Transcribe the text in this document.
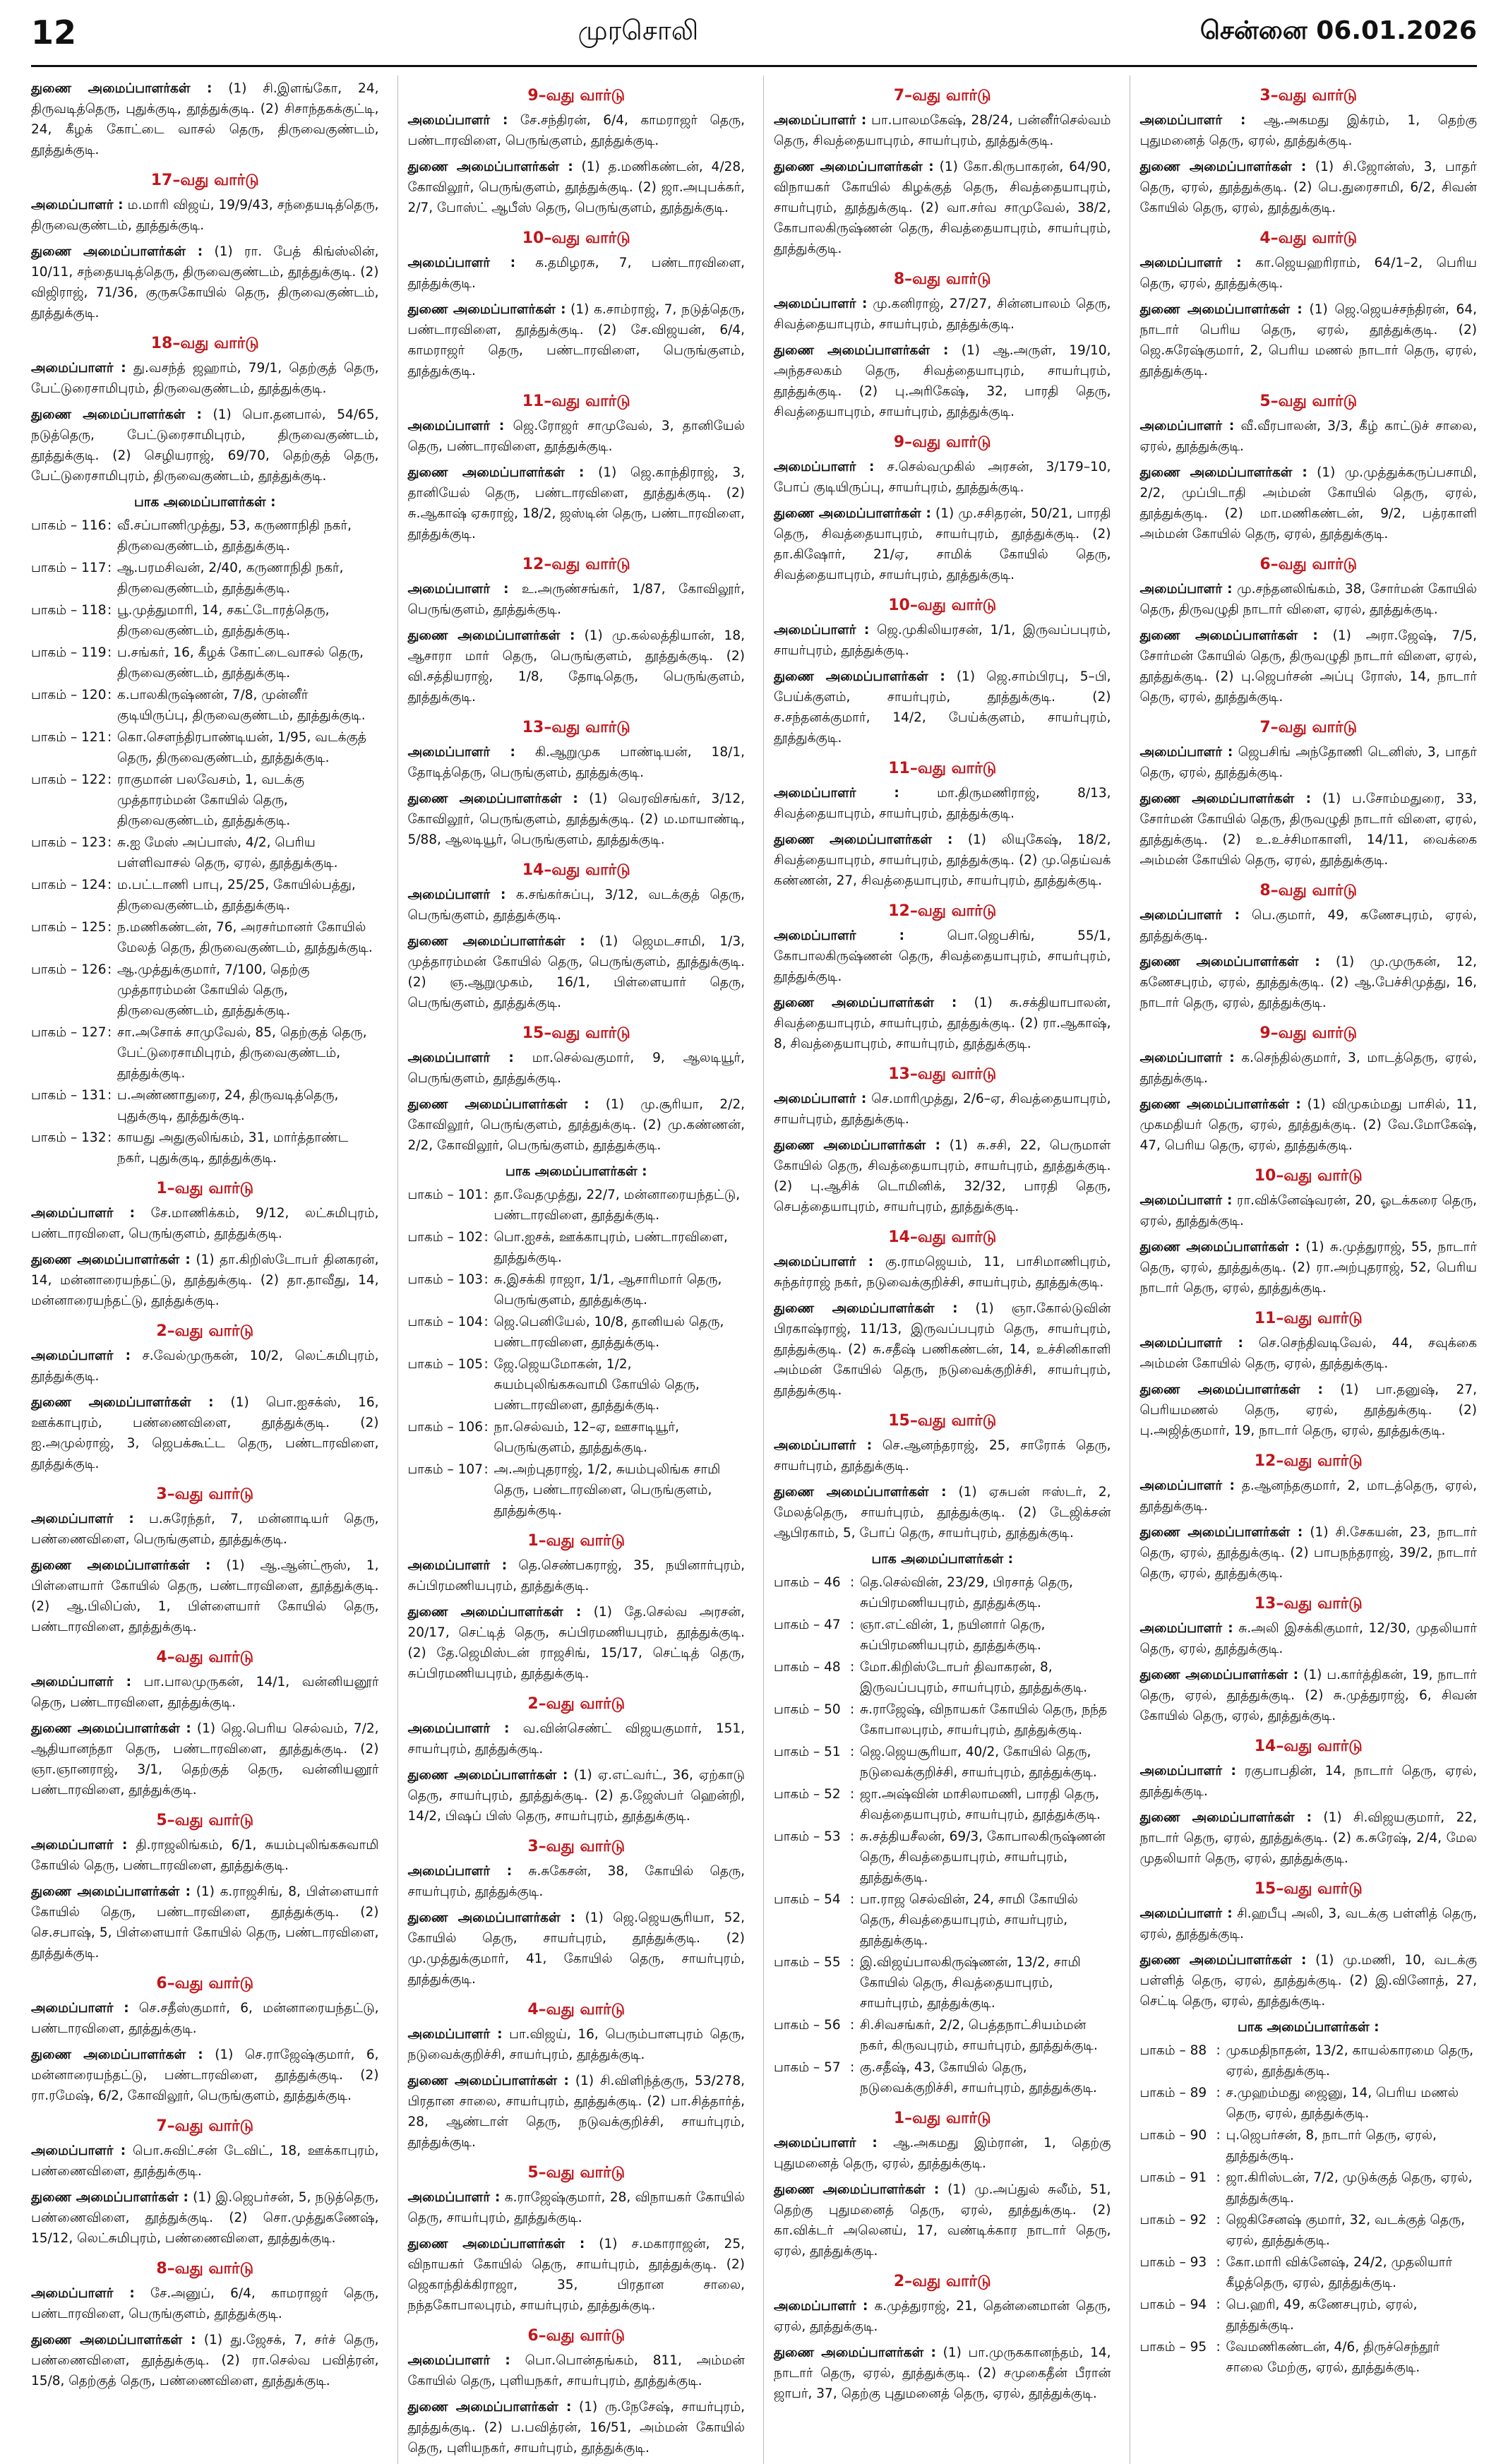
12	முரசொலி	சென்னை 06.01.2026
துணை அமைப்பாளர்கள் : (1) சி.இளங்கோ, 24, திருவடித்தெரு, புதுக்குடி, தூத்துக்குடி. (2) சிசாந்தகக்குட்டி, 24, கீழக் கோட்டை வாசல் தெரு, திருவைகுண்டம், தூத்துக்குடி.
17–வது வார்டு
அமைப்பாளர் : ம.மாரி விஜய், 19/9/43, சந்தையடித்தெரு, திருவைகுண்டம், தூத்துக்குடி.
துணை அமைப்பாளர்கள் : (1) ரா. பேத் கிங்ஸ்லின், 10/11, சந்தையடித்தெரு, திருவைகுண்டம், தூத்துக்குடி. (2) விஜிராஜ், 71/36, குருசுகோயில் தெரு, திருவைகுண்டம், தூத்துக்குடி.
18–வது வார்டு
அமைப்பாளர் : து.வசந்த் ஜஹாம், 79/1, தெற்குத் தெரு, பேட்டுரைசாமிபுரம், திருவைகுண்டம், தூத்துக்குடி.
துணை அமைப்பாளர்கள் : (1) பொ.தனபால், 54/65, நடுத்தெரு, பேட்டுரைசாமிபுரம், திருவைகுண்டம், தூத்துக்குடி. (2) செழியராஜ், 69/70, தெற்குத் தெரு, பேட்டுரைசாமிபுரம், திருவைகுண்டம், தூத்துக்குடி.
பாக அமைப்பாளர்கள் :
பாகம் – 116 : வீ.சப்பாணிமுத்து, 53, கருணாநிதி நகர், திருவைகுண்டம், தூத்துக்குடி.
பாகம் – 117 : ஆ.பரமசிவன், 2/40, கருணாநிதி நகர், திருவைகுண்டம், தூத்துக்குடி.
பாகம் – 118 : பூ.முத்துமாரி, 14, சகட்டோரத்தெரு, திருவைகுண்டம், தூத்துக்குடி.
பாகம் – 119 : ப.சங்கர், 16, கீழக் கோட்டைவாசல் தெரு, திருவைகுண்டம், தூத்துக்குடி.
பாகம் – 120 : க.பாலகிருஷ்ணன், 7/8, முன்னீர் குடியிருப்பு, திருவைகுண்டம், தூத்துக்குடி.
பாகம் – 121 : கொ.செளந்திரபாண்டியன், 1/95, வடக்குத் தெரு, திருவைகுண்டம், தூத்துக்குடி.
பாகம் – 122 : ராகுமான் பலவேசம், 1, வடக்கு முத்தாரம்மன் கோயில் தெரு, திருவைகுண்டம், தூத்துக்குடி.
பாகம் – 123 : சு.ஐ மேஸ் அப்பாஸ், 4/2, பெரிய பள்ளிவாசல் தெரு, ஏரல், தூத்துக்குடி.
பாகம் – 124 : ம.பட்டாணி பாபு, 25/25, கோயில்பத்து, திருவைகுண்டம், தூத்துக்குடி.
பாகம் – 125 : ந.மணிகண்டன், 76, அரசர்மானர் கோயில் மேலத் தெரு, திருவைகுண்டம், தூத்துக்குடி.
பாகம் – 126 : ஆ.முத்துக்குமார், 7/100, தெற்கு முத்தாரம்மன் கோயில் தெரு, திருவைகுண்டம், தூத்துக்குடி.
பாகம் – 127 : சா.அசோக் சாமுவேல், 85, தெற்குத் தெரு, பேட்டுரைசாமிபுரம், திருவைகுண்டம், தூத்துக்குடி.
பாகம் – 131 : ப.அண்ணாதுரை, 24, திருவடித்தெரு, புதுக்குடி, தூத்துக்குடி.
பாகம் – 132 : காயது அதுகுலிங்கம், 31, மார்த்தாண்ட நகர், புதுக்குடி, தூத்துக்குடி.
1–வது வார்டு
அமைப்பாளர் : சே.மாணிக்கம், 9/12, லட்சுமிபுரம், பண்டாரவிளை, பெருங்குளம், தூத்துக்குடி.
துணை அமைப்பாளர்கள் : (1) தா.கிறிஸ்டோபர் தினகரன், 14, மன்னாரையந்தட்டு, தூத்துக்குடி. (2) தா.தாவீது, 14, மன்னாரையந்தட்டு, தூத்துக்குடி.
2–வது வார்டு
அமைப்பாளர் : ச.வேல்முருகன், 10/2, லெட்சுமிபுரம், தூத்துக்குடி.
துணை அமைப்பாளர்கள் : (1) பொ.ஐசக்ஸ், 16, ஊக்காபுரம், பண்ணைவிளை, தூத்துக்குடி. (2) ஐ.அமுல்ராஜ், 3, ஜெபக்கூட்ட தெரு, பண்டாரவிளை, தூத்துக்குடி.
3–வது வார்டு
அமைப்பாளர் : ப.சுரேந்தர், 7, மன்னாடியர் தெரு, பண்ணைவிளை, பெருங்குளம், தூத்துக்குடி.
துணை அமைப்பாளர்கள் : (1) ஆ.ஆன்ட்ரூஸ், 1, பிள்ளையார் கோயில் தெரு, பண்டாரவிளை, தூத்துக்குடி. (2) ஆ.பிலிப்ஸ், 1, பிள்ளையார் கோயில் தெரு, பண்டாரவிளை, தூத்துக்குடி.
4–வது வார்டு
அமைப்பாளர் : பா.பாலமுருகன், 14/1, வன்னியனூர் தெரு, பண்டாரவிளை, தூத்துக்குடி.
துணை அமைப்பாளர்கள் : (1) ஜெ.பெரிய செல்வம், 7/2, ஆதியானந்தா தெரு, பண்டாரவிளை, தூத்துக்குடி. (2) ஞா.ஞானராஜ், 3/1, தெற்குத் தெரு, வன்னியனூர் பண்டாரவிளை, தூத்துக்குடி.
5–வது வார்டு
அமைப்பாளர் : தி.ராஜலிங்கம், 6/1, சுயம்புலிங்கசுவாமி கோயில் தெரு, பண்டாரவிளை, தூத்துக்குடி.
துணை அமைப்பாளர்கள் : (1) க.ராஜசிங், 8, பிள்ளையார் கோயில் தெரு, பண்டாரவிளை, தூத்துக்குடி. (2) செ.சபாஷ், 5, பிள்ளையார் கோயில் தெரு, பண்டாரவிளை, தூத்துக்குடி.
6–வது வார்டு
அமைப்பாளர் : செ.சதீஸ்குமார், 6, மன்னாரையந்தட்டு, பண்டாரவிளை, தூத்துக்குடி.
துணை அமைப்பாளர்கள் : (1) செ.ராஜேஷ்குமார், 6, மன்னாரையந்தட்டு, பண்டாரவிளை, தூத்துக்குடி. (2) ரா.ரமேஷ், 6/2, கோவிலூர், பெருங்குளம், தூத்துக்குடி.
7–வது வார்டு
அமைப்பாளர் : பொ.சுவிட்சன் டேவிட், 18, ஊக்காபுரம், பண்ணைவிளை, தூத்துக்குடி.
துணை அமைப்பாளர்கள் : (1) இ.ஜெபர்சன், 5, நடுத்தெரு, பண்ணைவிளை, தூத்துக்குடி. (2) சொ.முத்துகணேஷ், 15/12, லெட்சுமிபுரம், பண்ணைவிளை, தூத்துக்குடி.
8–வது வார்டு
அமைப்பாளர் : சே.அனுப், 6/4, காமராஜர் தெரு, பண்டாரவிளை, பெருங்குளம், தூத்துக்குடி.
துணை அமைப்பாளர்கள் : (1) து.ஜேசக், 7, சர்ச் தெரு, பண்ணைவிளை, தூத்துக்குடி. (2) ரா.செல்வ பவித்ரன், 15/8, தெற்குத் தெரு, பண்ணைவிளை, தூத்துக்குடி.
9–வது வார்டு
அமைப்பாளர் : சே.சந்திரன், 6/4, காமராஜர் தெரு, பண்டாரவிளை, பெருங்குளம், தூத்துக்குடி.
துணை அமைப்பாளர்கள் : (1) த.மணிகண்டன், 4/28, கோவிலூர், பெருங்குளம், தூத்துக்குடி. (2) ஜா.அபுபக்கர், 2/7, போஸ்ட் ஆபீஸ் தெரு, பெருங்குளம், தூத்துக்குடி.
10–வது வார்டு
அமைப்பாளர் : க.தமிழரசு, 7, பண்டாரவிளை, தூத்துக்குடி.
துணை அமைப்பாளர்கள் : (1) க.சாம்ராஜ், 7, நடுத்தெரு, பண்டாரவிளை, தூத்துக்குடி. (2) சே.விஜயன், 6/4, காமராஜர் தெரு, பண்டாரவிளை, பெருங்குளம், தூத்துக்குடி.
11–வது வார்டு
அமைப்பாளர் : ஜெ.ரோஜர் சாமுவேல், 3, தானியேல் தெரு, பண்டாரவிளை, தூத்துக்குடி.
துணை அமைப்பாளர்கள் : (1) ஜெ.காந்திராஜ், 3, தானியேல் தெரு, பண்டாரவிளை, தூத்துக்குடி. (2) சு.ஆகாஷ் ஏசுராஜ், 18/2, ஜஸ்டின் தெரு, பண்டாரவிளை, தூத்துக்குடி.
12–வது வார்டு
அமைப்பாளர் : உ.அருண்சங்கர், 1/87, கோவிலூர், பெருங்குளம், தூத்துக்குடி.
துணை அமைப்பாளர்கள் : (1) மு.கல்லத்தியான், 18, ஆசாரா மார் தெரு, பெருங்குளம், தூத்துக்குடி. (2) வி.சத்தியராஜ், 1/8, தோடிதெரு, பெருங்குளம், தூத்துக்குடி.
13–வது வார்டு
அமைப்பாளர் : கி.ஆறுமுக பாண்டியன், 18/1, தோடித்தெரு, பெருங்குளம், தூத்துக்குடி.
துணை அமைப்பாளர்கள் : (1) வெரவிசங்கர், 3/12, கோவிலூர், பெருங்குளம், தூத்துக்குடி. (2) ம.மாயாண்டி, 5/88, ஆலடியூர், பெருங்குளம், தூத்துக்குடி.
14–வது வார்டு
அமைப்பாளர் : க.சங்கர்சுப்பு, 3/12, வடக்குத் தெரு, பெருங்குளம், தூத்துக்குடி.
துணை அமைப்பாளர்கள் : (1) ஜெமடசாமி, 1/3, முத்தாரம்மன் கோயில் தெரு, பெருங்குளம், தூத்துக்குடி. (2) ஞ.ஆறுமுகம், 16/1, பிள்ளையார் தெரு, பெருங்குளம், தூத்துக்குடி.
15–வது வார்டு
அமைப்பாளர் : மா.செல்வகுமார், 9, ஆலடியூர், பெருங்குளம், தூத்துக்குடி.
துணை அமைப்பாளர்கள் : (1) மு.சூரியா, 2/2, கோவிலூர், பெருங்குளம், தூத்துக்குடி. (2) மு.கண்ணன், 2/2, கோவிலூர், பெருங்குளம், தூத்துக்குடி.
பாக அமைப்பாளர்கள் :
பாகம் – 101 : தா.வேதமுத்து, 22/7, மன்னாரையந்தட்டு, பண்டாரவிளை, தூத்துக்குடி.
பாகம் – 102 : பொ.ஐசக், ஊக்காபுரம், பண்டாரவிளை, தூத்துக்குடி.
பாகம் – 103 : சு.இசக்கி ராஜா, 1/1, ஆசாரிமார் தெரு, பெருங்குளம், தூத்துக்குடி.
பாகம் – 104 : ஜெ.பெனியேல், 10/8, தானியல் தெரு, பண்டாரவிளை, தூத்துக்குடி.
பாகம் – 105 : ஜே.ஜெயமோகன், 1/2, சுயம்புலிங்கசுவாமி கோயில் தெரு, பண்டாரவிளை, தூத்துக்குடி.
பாகம் – 106 : நா.செல்வம், 12–ஏ, ஊசாடியூர், பெருங்குளம், தூத்துக்குடி.
பாகம் – 107 : அ.அற்புதராஜ், 1/2, சுயம்புலிங்க சாமி தெரு, பண்டாரவிளை, பெருங்குளம், தூத்துக்குடி.
1–வது வார்டு
அமைப்பாளர் : தெ.செண்பகராஜ், 35, நயினார்புரம், சுப்பிரமணியபுரம், தூத்துக்குடி.
துணை அமைப்பாளர்கள் : (1) தே.செல்வ அரசன், 20/17, செட்டித் தெரு, சுப்பிரமணியபுரம், தூத்துக்குடி. (2) தே.ஜெமிஸ்டன் ராஜசிங், 15/17, செட்டித் தெரு, சுப்பிரமணியபுரம், தூத்துக்குடி.
2–வது வார்டு
அமைப்பாளர் : வ.வின்செண்ட் விஜயகுமார், 151, சாயர்புரம், தூத்துக்குடி.
துணை அமைப்பாளர்கள் : (1) ஏ.எட்வர்ட், 36, ஏற்காடு தெரு, சாயர்புரம், தூத்துக்குடி. (2) த.ஜேஸ்பர் ஹென்றி, 14/2, பிஷப் பிஸ் தெரு, சாயர்புரம், தூத்துக்குடி.
3–வது வார்டு
அமைப்பாளர் : சு.சுகேசன், 38, கோயில் தெரு, சாயர்புரம், தூத்துக்குடி.
துணை அமைப்பாளர்கள் : (1) ஜெ.ஜெயசூரியா, 52, கோயில் தெரு, சாயர்புரம், தூத்துக்குடி. (2) மு.முத்துக்குமார், 41, கோயில் தெரு, சாயர்புரம், தூத்துக்குடி.
4–வது வார்டு
அமைப்பாளர் : பா.விஜய், 16, பெரும்பாளபுரம் தெரு, நடுவைக்குறிச்சி, சாயர்புரம், தூத்துக்குடி.
துணை அமைப்பாளர்கள் : (1) சி.விளிந்த்குரு, 53/278, பிரதான சாலை, சாயர்புரம், தூத்துக்குடி. (2) பா.சித்தார்த், 28, ஆண்டாள் தெரு, நடுவக்குறிச்சி, சாயர்புரம், தூத்துக்குடி.
5–வது வார்டு
அமைப்பாளர் : க.ராஜேஷ்குமார், 28, விநாயகர் கோயில் தெரு, சாயர்புரம், தூத்துக்குடி.
துணை அமைப்பாளர்கள் : (1) ச.மகாராஜன், 25, விநாயகர் கோயில் தெரு, சாயர்புரம், தூத்துக்குடி. (2) ஜெகாந்திக்கிராஜா, 35, பிரதான சாலை, நந்தகோபாலபுரம், சாயர்புரம், தூத்துக்குடி.
6–வது வார்டு
அமைப்பாளர் : பொ.பொன்தங்கம், 811, அம்மன் கோயில் தெரு, புளியநகர், சாயர்புரம், தூத்துக்குடி.
துணை அமைப்பாளர்கள் : (1) ரு.நேசேஷ், சாயர்புரம், தூத்துக்குடி. (2) ப.பவித்ரன், 16/51, அம்மன் கோயில் தெரு, புளியநகர், சாயர்புரம், தூத்துக்குடி.
7–வது வார்டு
அமைப்பாளர் : பா.பாலமகேஷ், 28/24, பன்னீர்செல்வம் தெரு, சிவத்தையாபுரம், சாயர்புரம், தூத்துக்குடி.
துணை அமைப்பாளர்கள் : (1) கோ.கிருபாகரன், 64/90, விநாயகர் கோயில் கிழக்குத் தெரு, சிவத்தையாபுரம், சாயர்புரம், தூத்துக்குடி. (2) வா.சர்வ சாமுவேல், 38/2, கோபாலகிருஷ்ணன் தெரு, சிவத்தையாபுரம், சாயர்புரம், தூத்துக்குடி.
8–வது வார்டு
அமைப்பாளர் : மு.கனிராஜ், 27/27, சின்னபாலம் தெரு, சிவத்தையாபுரம், சாயர்புரம், தூத்துக்குடி.
துணை அமைப்பாளர்கள் : (1) ஆ.அருள், 19/10, அந்தசலகம் தெரு, சிவத்தையாபுரம், சாயர்புரம், தூத்துக்குடி. (2) பு.அரிகேஷ், 32, பாரதி தெரு, சிவத்தையாபுரம், சாயர்புரம், தூத்துக்குடி.
9–வது வார்டு
அமைப்பாளர் : ச.செல்வமுகில் அரசன், 3/179–10, போப் குடியிருப்பு, சாயர்புரம், தூத்துக்குடி.
துணை அமைப்பாளர்கள் : (1) மு.சசிதரன், 50/21, பாரதி தெரு, சிவத்தையாபுரம், சாயர்புரம், தூத்துக்குடி. (2) தா.கிஷோர், 21/ஏ, சாமிக் கோயில் தெரு, சிவத்தையாபுரம், சாயர்புரம், தூத்துக்குடி.
10–வது வார்டு
அமைப்பாளர் : ஜெ.முகிலியரசன், 1/1, இருவப்பபுரம், சாயர்புரம், தூத்துக்குடி.
துணை அமைப்பாளர்கள் : (1) ஜெ.சாம்பிரபு, 5–பி, பேய்க்குளம், சாயர்புரம், தூத்துக்குடி. (2) ச.சந்தனக்குமார், 14/2, பேய்க்குளம், சாயர்புரம், தூத்துக்குடி.
11–வது வார்டு
அமைப்பாளர் :	மா.திருமணிராஜ், 8/13, சிவத்தையாபுரம், சாயர்புரம், தூத்துக்குடி.
துணை அமைப்பாளர்கள் : (1) லியுகேஷ், 18/2, சிவத்தையாபுரம், சாயர்புரம், தூத்துக்குடி. (2) மு.தெய்வக் கண்ணன், 27, சிவத்தையாபுரம், சாயர்புரம், தூத்துக்குடி.
12–வது வார்டு
அமைப்பாளர் :	பொ.ஜெபசிங், 55/1, கோபாலகிருஷ்ணன் தெரு, சிவத்தையாபுரம், சாயர்புரம், தூத்துக்குடி.
துணை அமைப்பாளர்கள் : (1) சு.சக்தியாபாலன், சிவத்தையாபுரம், சாயர்புரம், தூத்துக்குடி. (2) ரா.ஆகாஷ், 8, சிவத்தையாபுரம், சாயர்புரம், தூத்துக்குடி.
13–வது வார்டு
அமைப்பாளர் : செ.மாரிமுத்து, 2/6–ஏ, சிவத்தையாபுரம், சாயர்புரம், தூத்துக்குடி.
துணை அமைப்பாளர்கள் : (1) சு.சசி, 22, பெருமாள் கோயில் தெரு, சிவத்தையாபுரம், சாயர்புரம், தூத்துக்குடி. (2) பு.ஆசிக் டொமினிக், 32/32, பாரதி தெரு, செபத்தையாபுரம், சாயர்புரம், தூத்துக்குடி.
14–வது வார்டு
அமைப்பாளர் : கு.ராமஜெயம், 11, பாசிமாணிபுரம், சுந்தர்ராஜ் நகர், நடுவைக்குறிச்சி, சாயர்புரம், தூத்துக்குடி.
துணை அமைப்பாளர்கள் : (1) ஞா.கோல்டுவின் பிரகாஷ்ராஜ், 11/13, இருவப்பபுரம் தெரு, சாயர்புரம், தூத்துக்குடி. (2) சு.சதீஷ் பணிகண்டன், 14, உச்சினிகாளி அம்மன் கோயில் தெரு, நடுவைக்குறிச்சி, சாயர்புரம், தூத்துக்குடி.
15–வது வார்டு
அமைப்பாளர் : செ.ஆனந்தராஜ், 25, சாரோக் தெரு, சாயர்புரம், தூத்துக்குடி.
துணை அமைப்பாளர்கள் : (1) ஏசுபன் ஈஸ்டர், 2, மேலத்தெரு, சாயர்புரம், தூத்துக்குடி. (2) டேஜிக்சன் ஆபிரகாம், 5, போப் தெரு, சாயர்புரம், தூத்துக்குடி.
பாக அமைப்பாளர்கள் :
பாகம் – 46 : தெ.செல்வின், 23/29, பிரசாத் தெரு, சுப்பிரமணியபுரம், தூத்துக்குடி.
பாகம் – 47 : ஞா.எட்வின், 1, நயினார் தெரு, சுப்பிரமணியபுரம், தூத்துக்குடி.
பாகம் – 48 : மோ.கிறிஸ்டோபர் திவாகரன், 8, இருவப்பபுரம், சாயர்புரம், தூத்துக்குடி.
பாகம் – 50 : சு.ராஜேஷ், விநாயகர் கோயில் தெரு, நந்த கோபாலபுரம், சாயர்புரம், தூத்துக்குடி.
பாகம் – 51 : ஜெ.ஜெயசூரியா, 40/2, கோயில் தெரு, நடுவைக்குறிச்சி, சாயர்புரம், தூத்துக்குடி.
பாகம் – 52 : ஜா.அஷ்வின் மாசிலாமணி, பாரதி தெரு, சிவத்தையாபுரம், சாயர்புரம், தூத்துக்குடி.
பாகம் – 53 : சு.சத்தியசீலன், 69/3, கோபாலகிருஷ்ணன் தெரு, சிவத்தையாபுரம், சாயர்புரம், தூத்துக்குடி.
பாகம் – 54 : பா.ராஜ செல்வின், 24, சாமி கோயில் தெரு, சிவத்தையாபுரம், சாயர்புரம், தூத்துக்குடி.
பாகம் – 55 : இ.விஜய்பாலகிருஷ்ணன், 13/2, சாமி கோயில் தெரு, சிவத்தையாபுரம், சாயர்புரம், தூத்துக்குடி.
பாகம் – 56 : சி.சிவசங்கர், 2/2, பெத்தநாட்சியம்மன் நகர், கிருவபுரம், சாயர்புரம், தூத்துக்குடி.
பாகம் – 57 : கு.சதீஷ், 43, கோயில் தெரு, நடுவைக்குறிச்சி, சாயர்புரம், தூத்துக்குடி.
1–வது வார்டு
அமைப்பாளர் : ஆ.அகமது இம்ரான், 1, தெற்கு புதுமனைத் தெரு, ஏரல், தூத்துக்குடி.
துணை அமைப்பாளர்கள் : (1) மு.அப்துல் சுலீம், 51, தெற்கு புதுமனைத் தெரு, ஏரல், தூத்துக்குடி. (2) கா.விக்டர் அலெனய், 17, வண்டிக்கார நாடார் தெரு, ஏரல், தூத்துக்குடி.
2–வது வார்டு
அமைப்பாளர் : க.முத்துராஜ், 21, தென்னைமான் தெரு, ஏரல், தூத்துக்குடி.
துணை அமைப்பாளர்கள் : (1) பா.முருககானந்தம், 14, நாடார் தெரு, ஏரல், தூத்துக்குடி. (2) சமுகைதீன் பீரான் ஜாபர், 37, தெற்கு புதுமனைத் தெரு, ஏரல், தூத்துக்குடி.
3–வது வார்டு
அமைப்பாளர் : ஆ.அகமது இக்ரம், 1, தெற்கு புதுமனைத் தெரு, ஏரல், தூத்துக்குடி.
துணை அமைப்பாளர்கள் : (1) சி.ஜோன்ஸ், 3, பாதர் தெரு, ஏரல், தூத்துக்குடி. (2) பெ.துரைசாமி, 6/2, சிவன் கோயில் தெரு, ஏரல், தூத்துக்குடி.
4–வது வார்டு
அமைப்பாளர் : கா.ஜெயஹரிராம், 64/1–2, பெரிய தெரு, ஏரல், தூத்துக்குடி.
துணை அமைப்பாளர்கள் : (1) ஜெ.ஜெயச்சந்திரன், 64, நாடார் பெரிய தெரு, ஏரல், தூத்துக்குடி. (2) ஜெ.சுரேஷ்குமார், 2, பெரிய மணல் நாடார் தெரு, ஏரல், தூத்துக்குடி.
5–வது வார்டு
அமைப்பாளர் : வீ.வீரபாலன், 3/3, கீழ் காட்டுச் சாலை, ஏரல், தூத்துக்குடி.
துணை அமைப்பாளர்கள் : (1) மு.முத்துக்கருப்பசாமி, 2/2, முப்பிடாதி அம்மன் கோயில் தெரு, ஏரல், தூத்துக்குடி. (2) மா.மணிகண்டன், 9/2, பத்ரகாளி அம்மன் கோயில் தெரு, ஏரல், தூத்துக்குடி.
6–வது வார்டு
அமைப்பாளர் : மு.சந்தனலிங்கம், 38, சோர்மன் கோயில் தெரு, திருவழுதி நாடார் விளை, ஏரல், தூத்துக்குடி.
துணை அமைப்பாளர்கள் : (1) அரா.ஜேஷ், 7/5, சோர்மன் கோயில் தெரு, திருவழுதி நாடார் விளை, ஏரல், தூத்துக்குடி. (2) பு.ஜெபர்சன் அப்பு ரோஸ், 14, நாடார் தெரு, ஏரல், தூத்துக்குடி.
7–வது வார்டு
அமைப்பாளர் : ஜெபசிங் அந்தோணி டெனிஸ், 3, பாதர் தெரு, ஏரல், தூத்துக்குடி.
துணை அமைப்பாளர்கள் : (1) ப.சோம்மதுரை, 33, சோர்மன் கோயில் தெரு, திருவழுதி நாடார் விளை, ஏரல், தூத்துக்குடி. (2) உ.உச்சிமாகாளி, 14/11, வைக்கை அம்மன் கோயில் தெரு, ஏரல், தூத்துக்குடி.
8–வது வார்டு
அமைப்பாளர் : பெ.குமார், 49, கணேசபுரம், ஏரல், தூத்துக்குடி.
துணை அமைப்பாளர்கள் : (1) மு.முருகன், 12, கணேசபுரம், ஏரல், தூத்துக்குடி. (2) ஆ.பேச்சிமுத்து, 16, நாடார் தெரு, ஏரல், தூத்துக்குடி.
9–வது வார்டு
அமைப்பாளர் : க.செந்தில்குமார், 3, மாடத்தெரு, ஏரல், தூத்துக்குடி.
துணை அமைப்பாளர்கள் : (1) விமுகம்மது பாசில், 11, முகமதியர் தெரு, ஏரல், தூத்துக்குடி. (2) வே.மோகேஷ், 47, பெரிய தெரு, ஏரல், தூத்துக்குடி.
10–வது வார்டு
அமைப்பாளர் : ரா.விக்னேஷ்வரன், 20, ஓடக்கரை தெரு, ஏரல், தூத்துக்குடி.
துணை அமைப்பாளர்கள் : (1) சு.முத்துராஜ், 55, நாடார் தெரு, ஏரல், தூத்துக்குடி. (2) ரா.அற்புதராஜ், 52, பெரிய நாடார் தெரு, ஏரல், தூத்துக்குடி.
11–வது வார்டு
அமைப்பாளர் : செ.செந்திவடிவேல், 44, சவுக்கை அம்மன் கோயில் தெரு, ஏரல், தூத்துக்குடி.
துணை அமைப்பாளர்கள் : (1) பா.தனுஷ், 27, பெரியமணல் தெரு, ஏரல், தூத்துக்குடி. (2) பு.அஜித்குமார், 19, நாடார் தெரு, ஏரல், தூத்துக்குடி.
12–வது வார்டு
அமைப்பாளர் : த.ஆனந்தகுமார், 2, மாடத்தெரு, ஏரல், தூத்துக்குடி.
துணை அமைப்பாளர்கள் : (1) சி.சேகயன், 23, நாடார் தெரு, ஏரல், தூத்துக்குடி. (2) பாபநந்தராஜ், 39/2, நாடார் தெரு, ஏரல், தூத்துக்குடி.
13–வது வார்டு
அமைப்பாளர் : சு.அலி இசக்கிகுமார், 12/30, முதலியார் தெரு, ஏரல், தூத்துக்குடி.
துணை அமைப்பாளர்கள் : (1) ப.கார்த்திகன், 19, நாடார் தெரு, ஏரல், தூத்துக்குடி. (2) சு.முத்துராஜ், 6, சிவன் கோயில் தெரு, ஏரல், தூத்துக்குடி.
14–வது வார்டு
அமைப்பாளர் : ரகுபாபதின், 14, நாடார் தெரு, ஏரல், தூத்துக்குடி.
துணை அமைப்பாளர்கள் : (1) சி.விஜயகுமார், 22, நாடார் தெரு, ஏரல், தூத்துக்குடி. (2) க.சுரேஷ், 2/4, மேல முதலியார் தெரு, ஏரல், தூத்துக்குடி.
15–வது வார்டு
அமைப்பாளர் : சி.ஹபீபு அலி, 3, வடக்கு பள்ளித் தெரு, ஏரல், தூத்துக்குடி.
துணை அமைப்பாளர்கள் : (1) மு.மணி, 10, வடக்கு பள்ளித் தெரு, ஏரல், தூத்துக்குடி. (2) இ.வினோத், 27, செட்டி தெரு, ஏரல், தூத்துக்குடி.
பாக அமைப்பாளர்கள் :
பாகம் – 88 : முகமதிநாதன், 13/2, காயல்காரமை தெரு, ஏரல், தூத்துக்குடி.
பாகம் – 89 : ச.முஹம்மது ஜைனு, 14, பெரிய மணல் தெரு, ஏரல், தூத்துக்குடி.
பாகம் – 90 : பு.ஜெபர்சன், 8, நாடார் தெரு, ஏரல், தூத்துக்குடி.
பாகம் – 91 : ஜா.கிரிஸ்டன், 7/2, முடுக்குத் தெரு, ஏரல், தூத்துக்குடி.
பாகம் – 92 : ஜெகிசேனஷ் குமார், 32, வடக்குத் தெரு, ஏரல், தூத்துக்குடி.
பாகம் – 93 : கோ.மாரி விக்னேஷ், 24/2, முதலியார் கீழத்தெரு, ஏரல், தூத்துக்குடி.
பாகம் – 94 : பெ.ஹரி, 49, கணேசபுரம், ஏரல், தூத்துக்குடி.
பாகம் – 95 : வேமணிகண்டன், 4/6, திருச்செந்தூர் சாலை மேற்கு, ஏரல், தூத்துக்குடி.
